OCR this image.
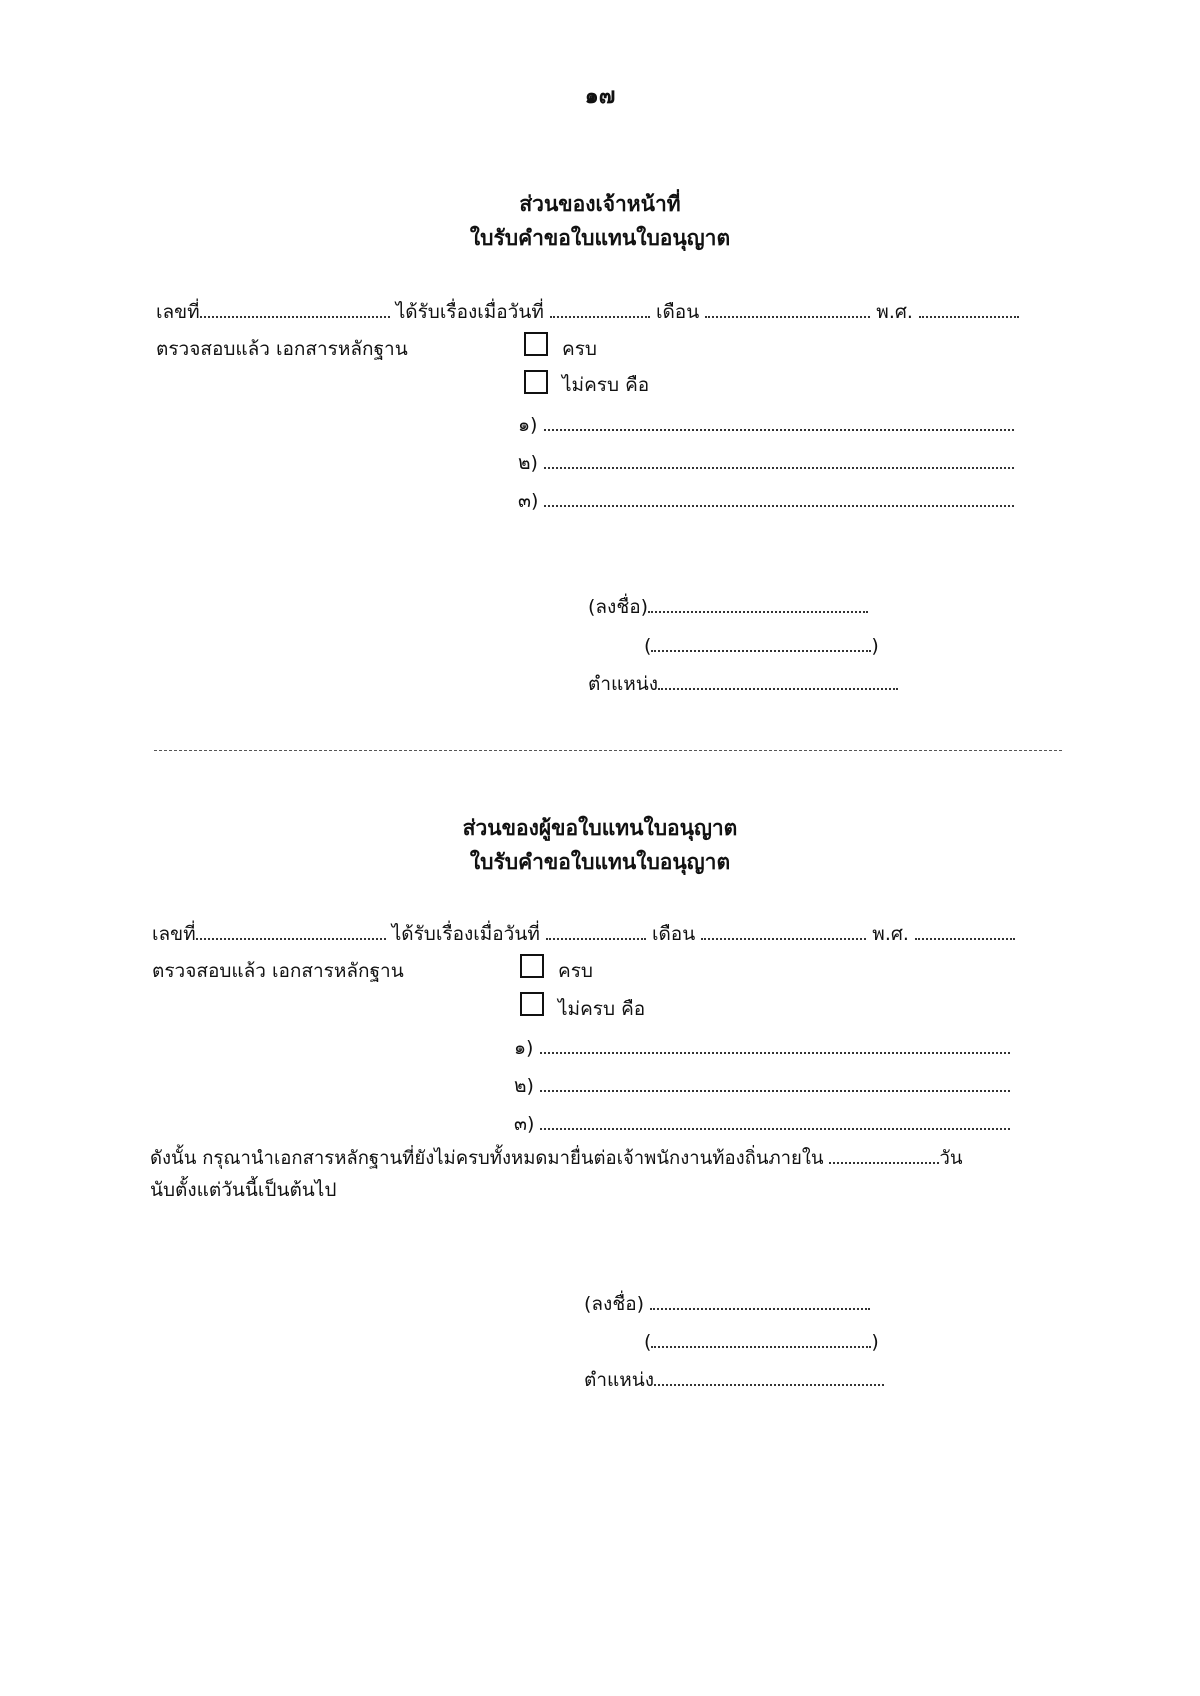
๑๗
ส่วนของเจ้าหน้าที่
ใบรับคำขอใบแทนใบอนุญาต
เลขที่	ได้รับเรื่องเมื่อวันที่	เดือน	พ.ศ.
ตรวจสอบแล้ว เอกสารหลักฐาน	ครบ
ไม่ครบ คือ
๑)
๒)
๓)
(ลงชื่อ)
(	)
ตำแหน่ง
ส่วนของผู้ขอใบแทนใบอนุญาต
ใบรับคำขอใบแทนใบอนุญาต
เลขที่	ได้รับเรื่องเมื่อวันที่	เดือน	พ.ศ.
ตรวจสอบแล้ว เอกสารหลักฐาน	ครบ
ไม่ครบ คือ
๑)
๒)
๓)
ดังนั้น กรุณานำเอกสารหลักฐานที่ยังไม่ครบทั้งหมดมายื่นต่อเจ้าพนักงานท้องถิ่นภายใน	วัน
นับตั้งแต่วันนี้เป็นต้นไป
(ลงชื่อ)
(	)
ตำแหน่ง
